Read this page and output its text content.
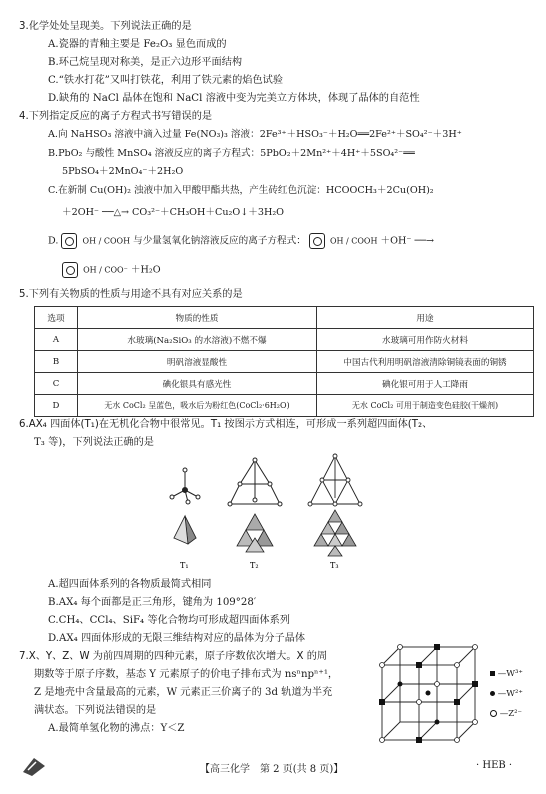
3.化学处处呈现美。下列说法正确的是
A.瓷器的青釉主要是 Fe₂O₃ 显色而成的
B.环己烷呈现对称美，是正六边形平面结构
C.“铁水打花”又叫打铁花，利用了铁元素的焰色试验
D.缺角的 NaCl 晶体在饱和 NaCl 溶液中变为完美立方体块，体现了晶体的自范性
4.下列指定反应的离子方程式书写错误的是
A.向 NaHSO₃ 溶液中滴入过量 Fe(NO₃)₃ 溶液：2Fe³⁺＋HSO₃⁻＋H₂O══2Fe²⁺＋SO₄²⁻＋3H⁺
B.PbO₂ 与酸性 MnSO₄ 溶液反应的离子方程式：5PbO₂＋2Mn²⁺＋4H⁺＋5SO₄²⁻══
5PbSO₄＋2MnO₄⁻＋2H₂O
C.在新制 Cu(OH)₂ 浊液中加入甲酸甲酯共热，产生砖红色沉淀：HCOOCH₃＋2Cu(OH)₂
＋2OH⁻ ──△→ CO₃²⁻＋CH₃OH＋Cu₂O↓＋3H₂O
D.	OH / COOH 与少量氢氧化钠溶液反应的离子方程式：	OH / COOH ＋OH⁻ ──→
OH / COO⁻ ＋H₂O
5.下列有关物质的性质与用途不具有对应关系的是
选项	物质的性质	用途
A	水玻璃(Na₂SiO₃ 的水溶液)不燃不爆	水玻璃可用作防火材料
B	明矾溶液显酸性	中国古代利用明矾溶液清除铜镜表面的铜锈
C	碘化银具有感光性	碘化银可用于人工降雨
D	无水 CoCl₂ 呈蓝色，吸水后为粉红色(CoCl₂·6H₂O)	无水 CoCl₂ 可用于制造变色硅胶(干燥剂)
6.AX₄ 四面体(T₁)在无机化合物中很常见。T₁ 按图示方式相连，可形成一系列超四面体(T₂、
T₃ 等)，下列说法正确的是
T₁	T₂	T₃
A.超四面体系列的各物质最简式相同
B.AX₄ 每个面都是正三角形，键角为 109°28′
C.CH₄、CCl₄、SiF₄ 等化合物均可形成超四面体系列
D.AX₄ 四面体形成的无限三维结构对应的晶体为分子晶体
7.X、Y、Z、W 为前四周期的四种元素，原子序数依次增大。X 的周
期数等于原子序数，基态 Y 元素原子的价电子排布式为 nsⁿnpⁿ⁺¹，
Z 是地壳中含量最高的元素，W 元素正三价离子的 3d 轨道为半充
满状态。下列说法错误的是
A.最简单氢化物的沸点：Y＜Z
—W³⁺
—W²⁺
—Z²⁻
【高三化学　第 2 页(共 8 页)】	· HEB ·
